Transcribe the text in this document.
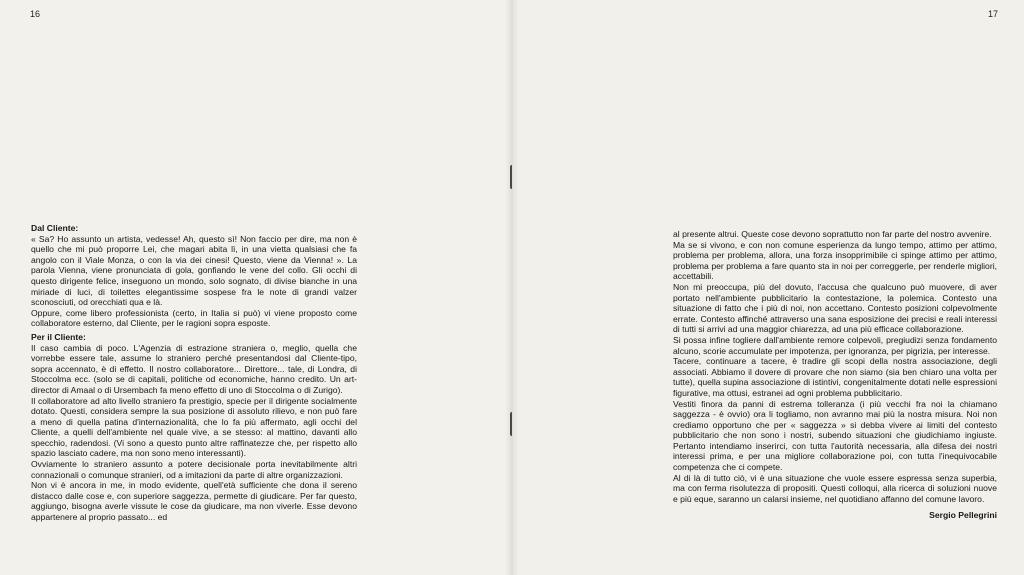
16

Dal Cliente:

« Sa? Ho assunto un artista, vedesse! Ah, questo sì! Non faccio per dire, ma non è quello che mi può proporre Lei, che magari abita lì, in una vietta qualsiasi che fa angolo con il Viale Monza, o con la via dei cinesi! Questo, viene da Vienna! ». La parola Vienna, viene pronunciata di gola, gonfiando le vene del collo. Gli occhi di questo dirigente felice, inseguono un mondo, solo sognato, di divise bianche in una miriade di luci, di toilettes elegantissime sospese fra le note di grandi valzer sconosciuti, od orecchiati qua e là.

Oppure, come libero professionista (certo, in Italia si può) vi viene proposto come collaboratore esterno, dal Cliente, per le ragioni sopra esposte.

Per il Cliente:

Il caso cambia di poco. L'Agenzia di estrazione straniera o, meglio, quella che vorrebbe essere tale, assume lo straniero perché presentandosi dal Cliente-tipo, sopra accennato, è di effetto. Il nostro collaboratore... Direttore... tale, di Londra, di Stoccolma ecc. (solo se di capitali, politiche od economiche, hanno credito. Un art-director di Amaal o di Ursembach fa meno effetto di uno di Stoccolma o di Zurigo).

Il collaboratore ad alto livello straniero fa prestigio, specie per il dirigente socialmente dotato. Questi, considera sempre la sua posizione di assoluto rilievo, e non può fare a meno di quella patina d'internazionalità, che lo fa più affermato, agli occhi del Cliente, a quelli dell'ambiente nel quale vive, a se stesso: al mattino, davanti allo specchio, radendosi. (Vi sono a questo punto altre raffinatezze che, per rispetto allo spazio lasciato cadere, ma non sono meno interessanti).

Ovviamente lo straniero assunto a potere decisionale porta inevitabilmente altri connazionali o comunque stranieri, od a imitazioni da parte di altre organizzazioni.

Non vi è ancora in me, in modo evidente, quell'età sufficiente che dona il sereno distacco dalle cose e, con superiore saggezza, permette di giudicare. Per far questo, aggiungo, bisogna averle vissute le cose da giudicare, ma non viverle. Esse devono appartenere al proprio passato... ed

17

al presente altrui. Queste cose devono soprattutto non far parte del nostro avvenire.

Ma se si vivono, e con non comune esperienza da lungo tempo, attimo per attimo, problema per problema, allora, una forza insopprimibile ci spinge attimo per attimo, problema per problema a fare quanto sta in noi per correggerle, per renderle migliori, accettabili.

Non mi preoccupa, più del dovuto, l'accusa che qualcuno può muovere, di aver portato nell'ambiente pubblicitario la contestazione, la polemica. Contesto una situazione di fatto che i più di noi, non accettano. Contesto posizioni colpevolmente errate. Contesto affinché attraverso una sana esposizione dei precisi e reali interessi di tutti si arrivi ad una maggior chiarezza, ad una più efficace collaborazione.

Si possa infine togliere dall'ambiente remore colpevoli, pregiudizi senza fondamento alcuno, scorie accumulate per impotenza, per ignoranza, per pigrizia, per interesse.

Tacere, continuare a tacere, è tradire gli scopi della nostra associazione, degli associati. Abbiamo il dovere di provare che non siamo (sia ben chiaro una volta per tutte), quella supina associazione di istintivi, congenitalmente dotati nelle espressioni figurative, ma ottusi, estranei ad ogni problema pubblicitario.

Vestiti finora da panni di estrema tolleranza (i più vecchi fra noi la chiamano saggezza - è ovvio) ora li togliamo, non avranno mai più la nostra misura. Noi non crediamo opportuno che per « saggezza » si debba vivere ai limiti del contesto pubblicitario che non sono i nostri, subendo situazioni che giudichiamo ingiuste. Pertanto intendiamo inserirci, con tutta l'autorità necessaria, alla difesa dei nostri interessi prima, e per una migliore collaborazione poi, con tutta l'inequivocabile competenza che ci compete.

Al di là di tutto ciò, vi è una situazione che vuole essere espressa senza superbia, ma con ferma risolutezza di propositi. Questi colloqui, alla ricerca di soluzioni nuove e più eque, saranno un calarsi insieme, nel quotidiano affanno del comune lavoro.

Sergio Pellegrini
